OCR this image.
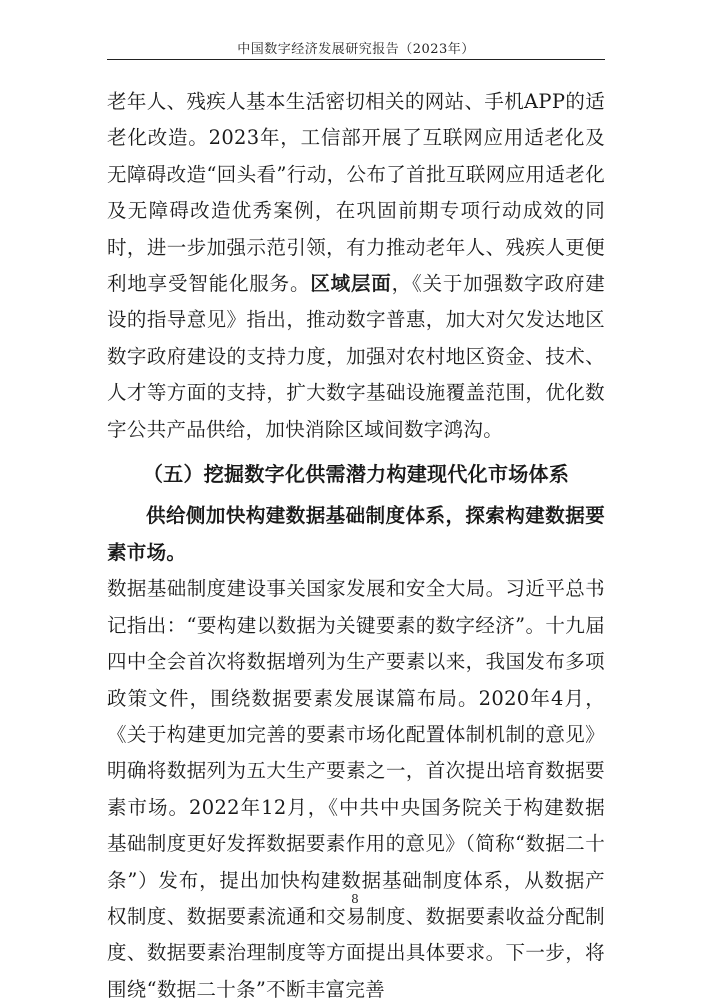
中国数字经济发展研究报告（2023年）

老年人、残疾人基本生活密切相关的网站、手机APP的适老化改造。2023年，工信部开展了互联网应用适老化及无障碍改造“回头看”行动，公布了首批互联网应用适老化及无障碍改造优秀案例，在巩固前期专项行动成效的同时，进一步加强示范引领，有力推动老年人、残疾人更便利地享受智能化服务。区域层面，《关于加强数字政府建设的指导意见》指出，推动数字普惠，加大对欠发达地区数字政府建设的支持力度，加强对农村地区资金、技术、人才等方面的支持，扩大数字基础设施覆盖范围，优化数字公共产品供给，加快消除区域间数字鸿沟。

（五）挖掘数字化供需潜力构建现代化市场体系

供给侧加快构建数据基础制度体系，探索构建数据要素市场。

数据基础制度建设事关国家发展和安全大局。习近平总书记指出：“要构建以数据为关键要素的数字经济”。十九届四中全会首次将数据增列为生产要素以来，我国发布多项政策文件，围绕数据要素发展谋篇布局。2020年4月，《关于构建更加完善的要素市场化配置体制机制的意见》明确将数据列为五大生产要素之一，首次提出培育数据要素市场。2022年12月，《中共中央国务院关于构建数据基础制度更好发挥数据要素作用的意见》（简称“数据二十条”）发布，提出加快构建数据基础制度体系，从数据产权制度、数据要素流通和交易制度、数据要素收益分配制度、数据要素治理制度等方面提出具体要求。下一步，将围绕“数据二十条”不断丰富完善

8
